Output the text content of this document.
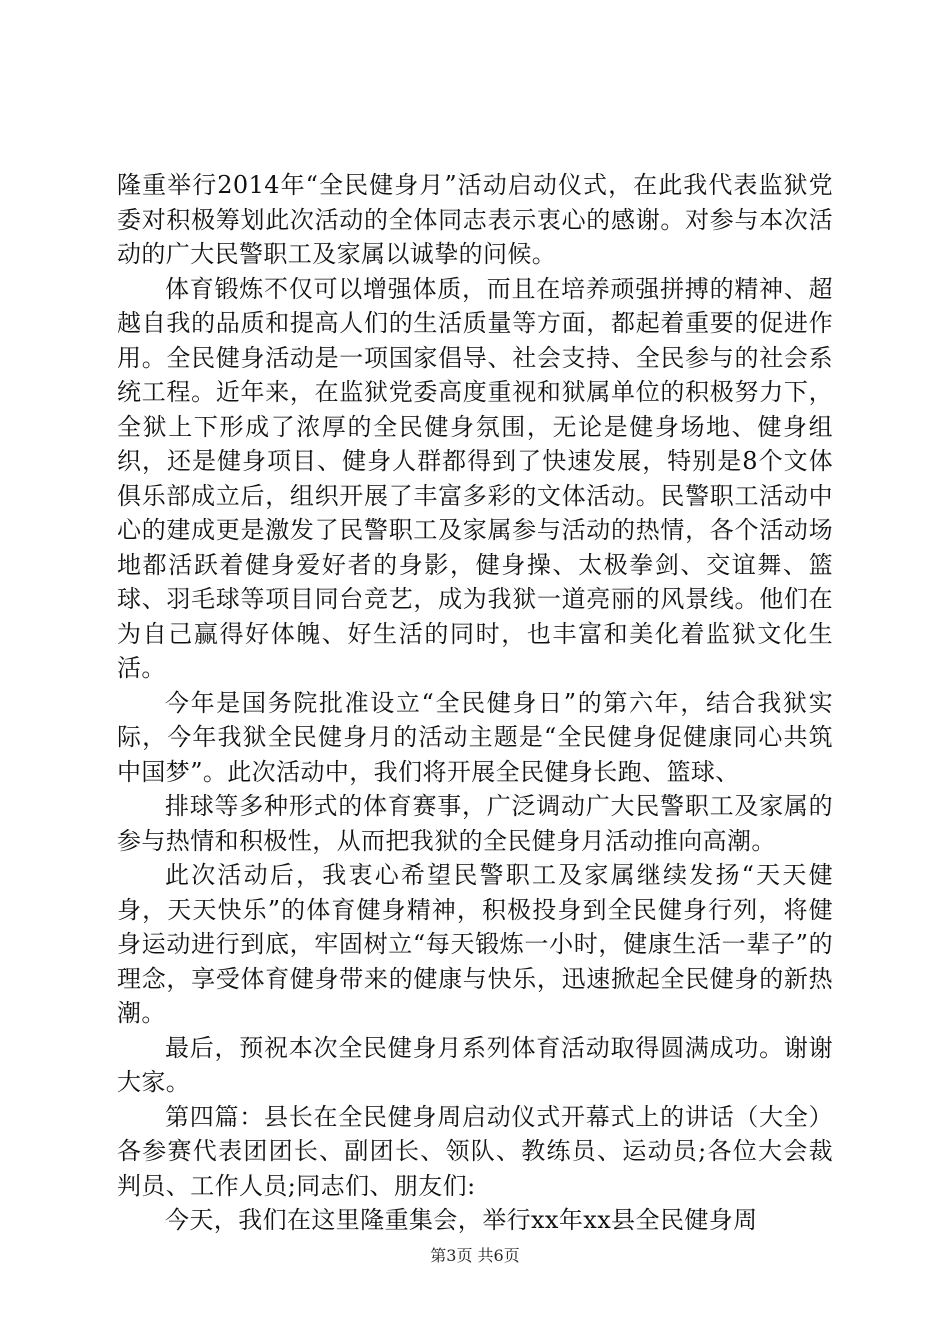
隆重举行2014年“全民健身月”活动启动仪式，在此我代表监狱党委对积极筹划此次活动的全体同志表示衷心的感谢。对参与本次活动的广大民警职工及家属以诚挚的问候。

体育锻炼不仅可以增强体质，而且在培养顽强拼搏的精神、超越自我的品质和提高人们的生活质量等方面，都起着重要的促进作用。全民健身活动是一项国家倡导、社会支持、全民参与的社会系统工程。近年来，在监狱党委高度重视和狱属单位的积极努力下，全狱上下形成了浓厚的全民健身氛围，无论是健身场地、健身组织，还是健身项目、健身人群都得到了快速发展，特别是8个文体俱乐部成立后，组织开展了丰富多彩的文体活动。民警职工活动中心的建成更是激发了民警职工及家属参与活动的热情，各个活动场地都活跃着健身爱好者的身影，健身操、太极拳剑、交谊舞、篮球、羽毛球等项目同台竞艺，成为我狱一道亮丽的风景线。他们在为自己赢得好体魄、好生活的同时，也丰富和美化着监狱文化生活。

今年是国务院批准设立“全民健身日”的第六年，结合我狱实际，今年我狱全民健身月的活动主题是“全民健身促健康同心共筑中国梦”。此次活动中，我们将开展全民健身长跑、篮球、

排球等多种形式的体育赛事，广泛调动广大民警职工及家属的参与热情和积极性，从而把我狱的全民健身月活动推向高潮。

此次活动后，我衷心希望民警职工及家属继续发扬“天天健身，天天快乐”的体育健身精神，积极投身到全民健身行列，将健身运动进行到底，牢固树立“每天锻炼一小时，健康生活一辈子”的理念，享受体育健身带来的健康与快乐，迅速掀起全民健身的新热潮。

最后，预祝本次全民健身月系列体育活动取得圆满成功。谢谢大家。

第四篇：县长在全民健身周启动仪式开幕式上的讲话（大全）各参赛代表团团长、副团长、领队、教练员、运动员;各位大会裁判员、工作人员;同志们、朋友们:

今天，我们在这里隆重集会，举行xx年xx县全民健身周

第3页 共6页
